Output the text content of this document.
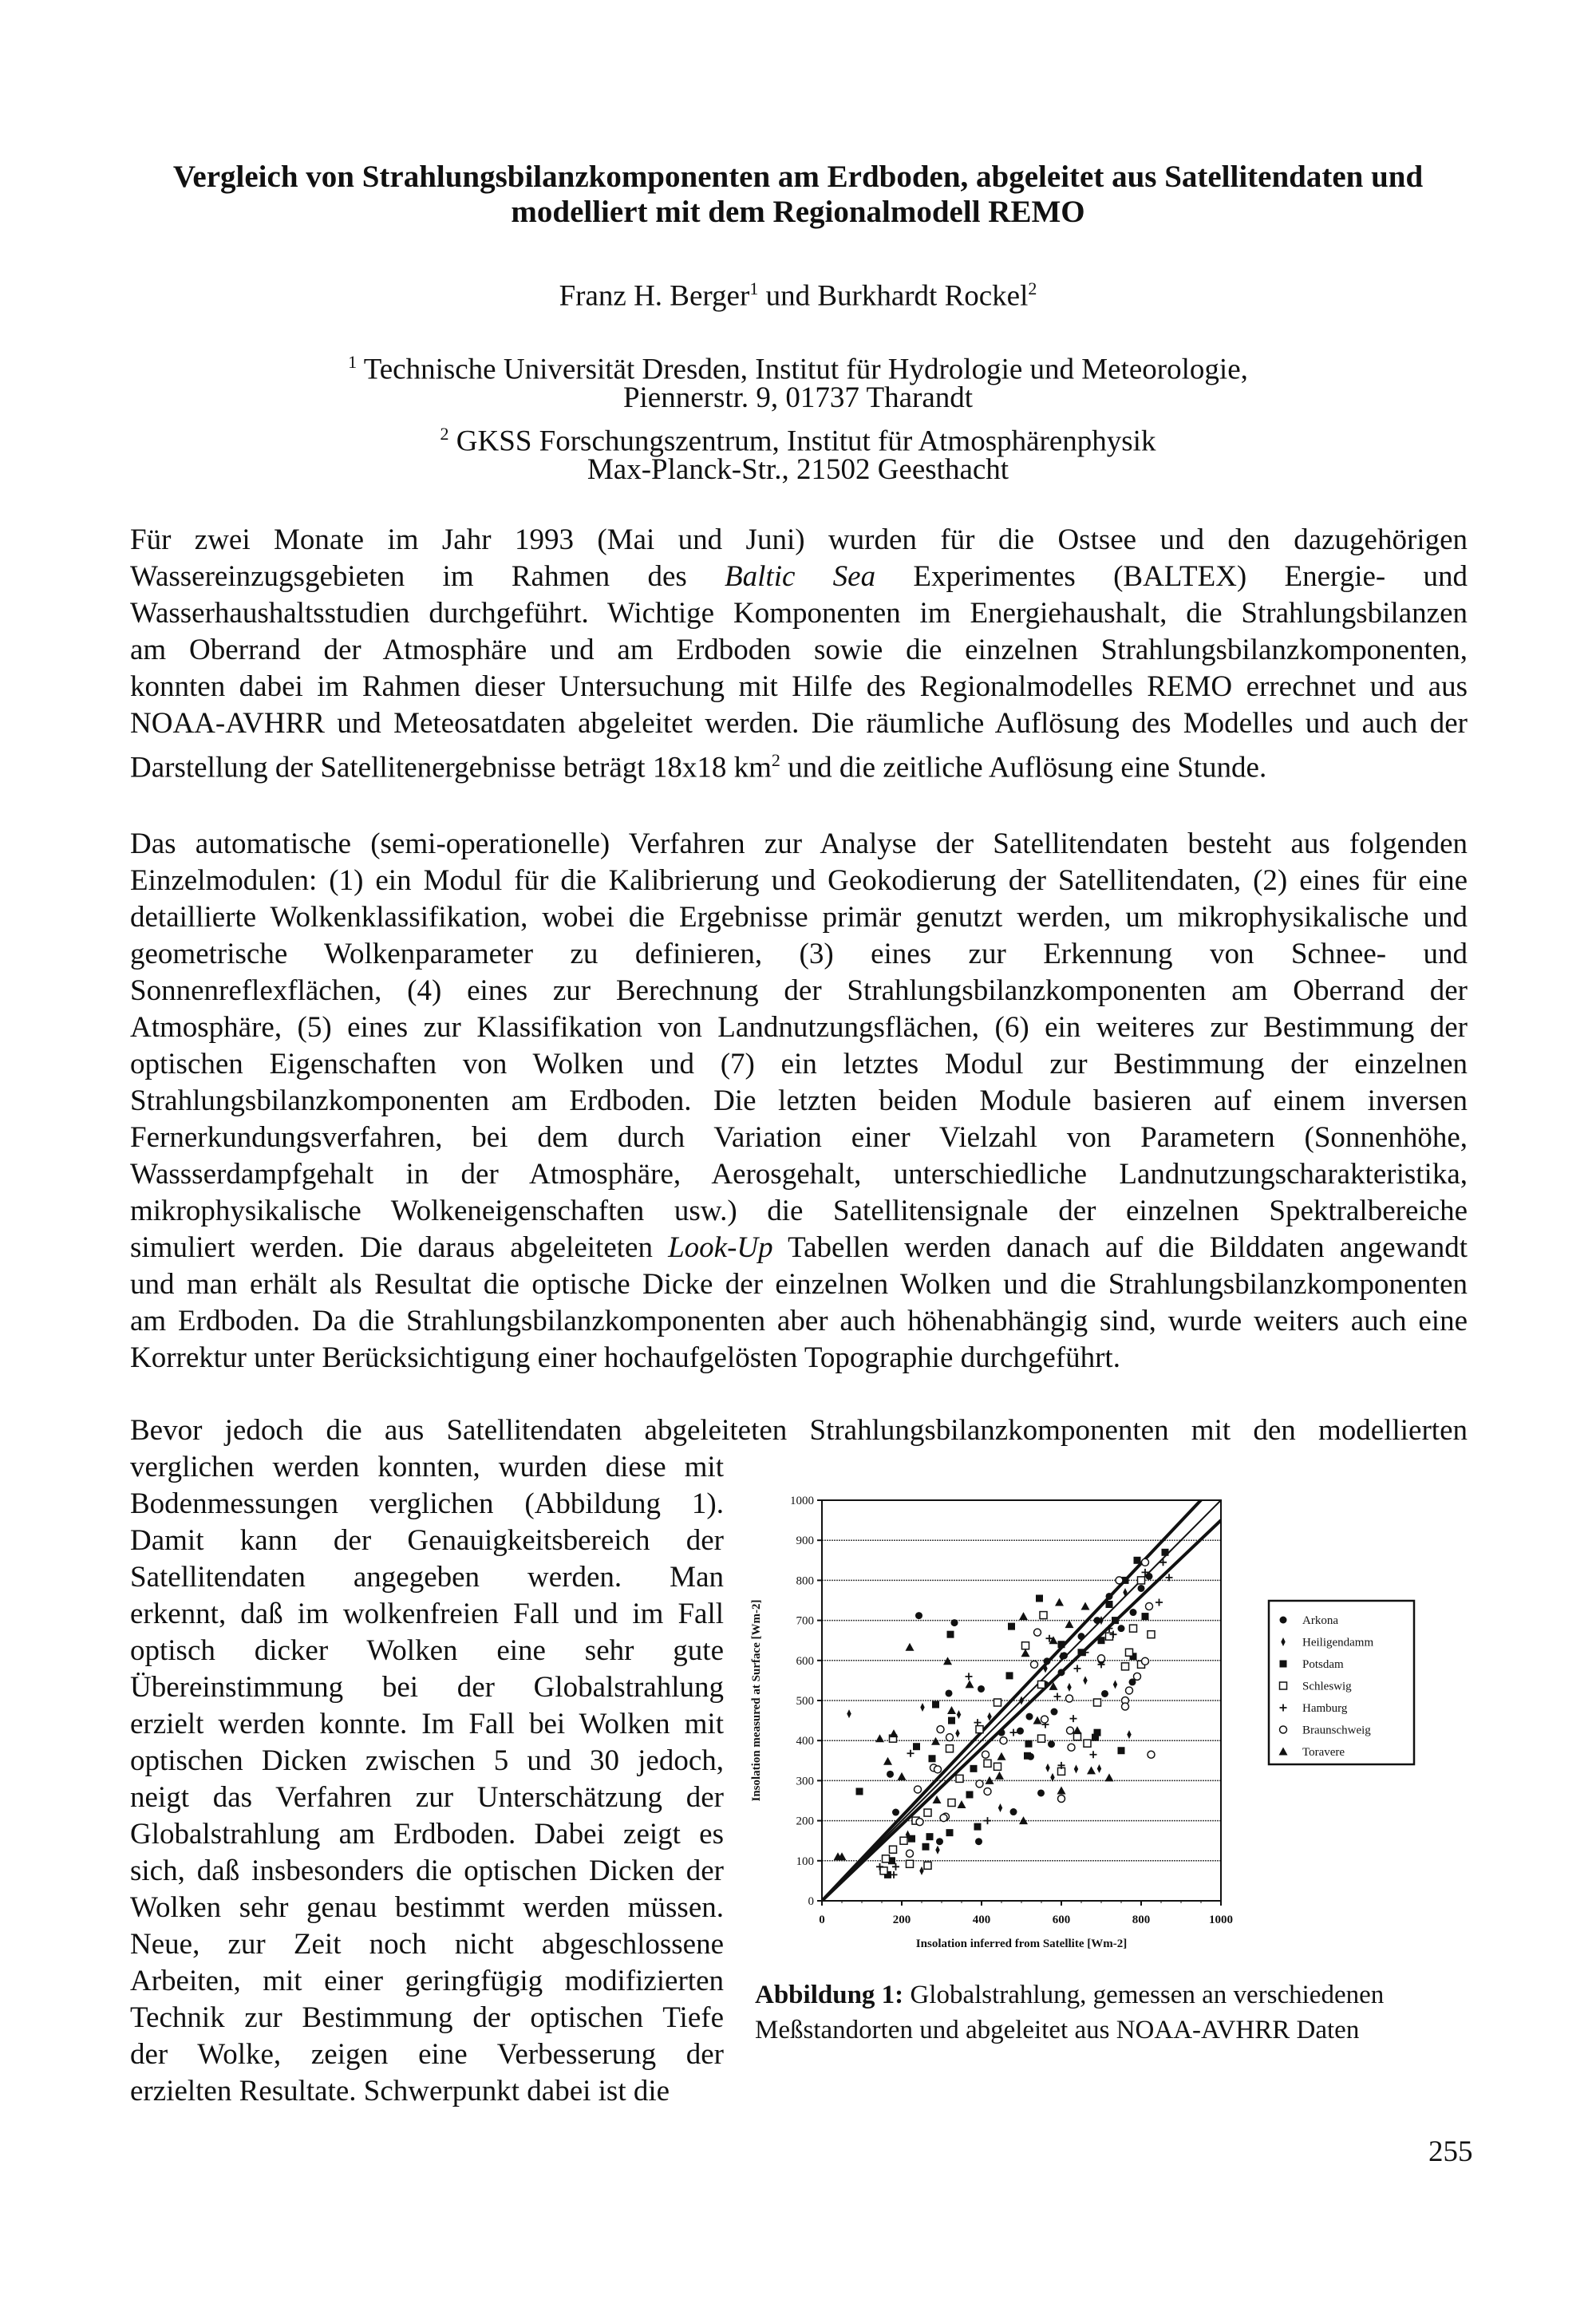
Vergleich von Strahlungsbilanzkomponenten am Erdboden, abgeleitet aus Satellitendaten und
modelliert mit dem Regionalmodell REMO
Franz H. Berger$^1$ und Burkhardt Rockel$^2$
$^1$ Technische Universität Dresden, Institut für Hydrologie und Meteorologie,
Piennerstr. 9, 01737 Tharandt
$^2$ GKSS Forschungszentrum, Institut für Atmosphärenphysik
Max-Planck-Str., 21502 Geesthacht
Für zwei Monate im Jahr 1993 (Mai und Juni) wurden für die Ostsee und den dazugehörigen
Wassereinzugsgebieten im Rahmen des Baltic Sea Experimentes (BALTEX) Energie- und
Wasserhaushaltsstudien durchgeführt. Wichtige Komponenten im Energiehaushalt, die Strahlungsbilanzen
am Oberrand der Atmosphäre und am Erdboden sowie die einzelnen Strahlungsbilanzkomponenten,
konnten dabei im Rahmen dieser Untersuchung mit Hilfe des Regionalmodelles REMO errechnet und aus
NOAA-AVHRR und Meteosatdaten abgeleitet werden. Die räumliche Auflösung des Modelles und auch der
Darstellung der Satellitenergebnisse beträgt 18x18 $km^2$ und die zeitliche Auflösung eine Stunde.
Das automatische (semi-operationelle) Verfahren zur Analyse der Satellitendaten besteht aus folgenden
Einzelmodulen: (1) ein Modul für die Kalibrierung und Geokodierung der Satellitendaten, (2) eines für eine
detaillierte Wolkenklassifikation, wobei die Ergebnisse primär genutzt werden, um mikrophysikalische und
geometrische Wolkenparameter zu definieren, (3) eines zur Erkennung von Schnee- und
Sonnenreflexflächen, (4) eines zur Berechnung der Strahlungsbilanzkomponenten am Oberrand der
Atmosphäre, (5) eines zur Klassifikation von Landnutzungsflächen, (6) ein weiteres zur Bestimmung der
optischen Eigenschaften von Wolken und (7) ein letztes Modul zur Bestimmung der einzelnen
Strahlungsbilanzkomponenten am Erdboden. Die letzten beiden Module basieren auf einem inversen
Fernerkundungsverfahren, bei dem durch Variation einer Vielzahl von Parametern (Sonnenhöhe,
Wassserdampfgehalt in der Atmosphäre, Aerosgehalt, unterschiedliche Landnutzungscharakteristika,
mikrophysikalische Wolkeneigenschaften usw.) die Satellitensignale der einzelnen Spektralbereiche
simuliert werden. Die daraus abgeleiteten Look-Up Tabellen werden danach auf die Bilddaten angewandt
und man erhält als Resultat die optische Dicke der einzelnen Wolken und die Strahlungsbilanzkomponenten
am Erdboden. Da die Strahlungsbilanzkomponenten aber auch höhenabhängig sind, wurde weiters auch eine
Korrektur unter Berücksichtigung einer hochaufgelösten Topographie durchgeführt.
Bevor jedoch die aus Satellitendaten abgeleiteten Strahlungsbilanzkomponenten mit den modellierten
verglichen werden konnten, wurden diese mit
Bodenmessungen verglichen (Abbildung 1).
Damit kann der Genauigkeitsbereich der
Satellitendaten angegeben werden. Man
erkennt, daß im wolkenfreien Fall und im Fall
optisch dicker Wolken eine sehr gute
Übereinstimmung bei der Globalstrahlung
erzielt werden konnte. Im Fall bei Wolken mit
optischen Dicken zwischen 5 und 30 jedoch,
neigt das Verfahren zur Unterschätzung der
Globalstrahlung am Erdboden. Dabei zeigt es
sich, daß insbesonders die optischen Dicken der
Wolken sehr genau bestimmt werden müssen.
Neue, zur Zeit noch nicht abgeschlossene
Arbeiten, mit einer geringfügig modifizierten
Technik zur Bestimmung der optischen Tiefe
der Wolke, zeigen eine Verbesserung der
erzielten Resultate. Schwerpunkt dabei ist die
0
100
200
300
400
500
600
700
800
900
1000
0	200	400	600	800	1000
Insolation inferred from Satellite [Wm-2]
Insolation measured at Surface [Wm-2]	Arkona
Heiligendamm
Potsdam
Schleswig
Hamburg
Braunschweig
Toravere
Abbildung 1: Globalstrahlung, gemessen an verschiedenen
Meßstandorten und abgeleitet aus NOAA-AVHRR Daten
255
